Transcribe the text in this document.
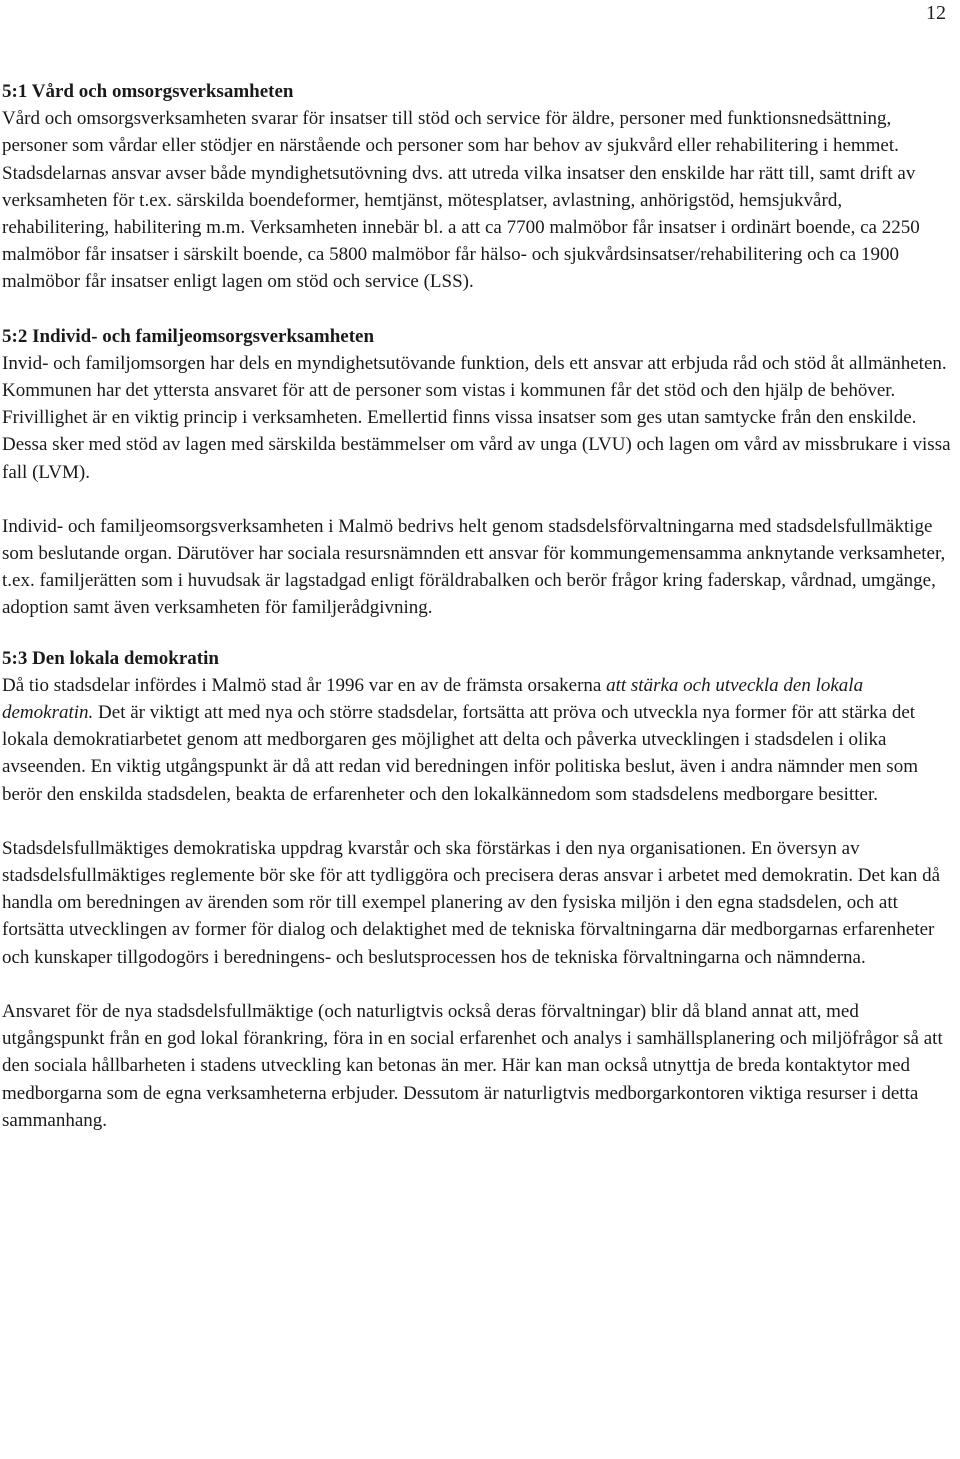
12
5:1 Vård och omsorgsverksamheten

Vård och omsorgsverksamheten svarar för insatser till stöd och service för äldre, personer med funktionsnedsättning, personer som vårdar eller stödjer en närstående och personer som har behov av sjukvård eller rehabilitering i hemmet. Stadsdelarnas ansvar avser både myndighetsutövning dvs. att utreda vilka insatser den enskilde har rätt till, samt drift av verksamheten för t.ex. särskilda boendeformer, hemtjänst, mötesplatser, avlastning, anhörigstöd, hemsjukvård, rehabilitering, habilitering m.m. Verksamheten innebär bl. a att ca 7700 malmöbor får insatser i ordinärt boende, ca 2250 malmöbor får insatser i särskilt boende, ca 5800 malmöbor får hälso- och sjukvårdsinsatser/rehabilitering och ca 1900 malmöbor får insatser enligt lagen om stöd och service (LSS).

5:2 Individ- och familjeomsorgsverksamheten

Invid- och familjomsorgen har dels en myndighetsutövande funktion, dels ett ansvar att erbjuda råd och stöd åt allmänheten. Kommunen har det yttersta ansvaret för att de personer som vistas i kommunen får det stöd och den hjälp de behöver. Frivillighet är en viktig princip i verksamheten. Emellertid finns vissa insatser som ges utan samtycke från den enskilde. Dessa sker med stöd av lagen med särskilda bestämmelser om vård av unga (LVU) och lagen om vård av missbrukare i vissa fall (LVM).

Individ- och familjeomsorgsverksamheten i Malmö bedrivs helt genom stadsdelsförvaltningarna med stadsdelsfullmäktige som beslutande organ. Därutöver har sociala resursnämnden ett ansvar för kommungemensamma anknytande verksamheter, t.ex. familjerätten som i huvudsak är lagstadgad enligt föräldrabalken och berör frågor kring faderskap, vårdnad, umgänge, adoption samt även verksamheten för familjerådgivning.

5:3 Den lokala demokratin

Då tio stadsdelar infördes i Malmö stad år 1996 var en av de främsta orsakerna att stärka och utveckla den lokala demokratin. Det är viktigt att med nya och större stadsdelar, fortsätta att pröva och utveckla nya former för att stärka det lokala demokratiarbetet genom att medborgaren ges möjlighet att delta och påverka utvecklingen i stadsdelen i olika avseenden. En viktig utgångspunkt är då att redan vid beredningen inför politiska beslut, även i andra nämnder men som berör den enskilda stadsdelen, beakta de erfarenheter och den lokalkännedom som stadsdelens medborgare besitter.

Stadsdelsfullmäktiges demokratiska uppdrag kvarstår och ska förstärkas i den nya organisationen. En översyn av stadsdelsfullmäktiges reglemente bör ske för att tydliggöra och precisera deras ansvar i arbetet med demokratin. Det kan då handla om beredningen av ärenden som rör till exempel planering av den fysiska miljön i den egna stadsdelen, och att fortsätta utvecklingen av former för dialog och delaktighet med de tekniska förvaltningarna där medborgarnas erfarenheter och kunskaper tillgodogörs i beredningens- och beslutsprocessen hos de tekniska förvaltningarna och nämnderna.

Ansvaret för de nya stadsdelsfullmäktige (och naturligtvis också deras förvaltningar) blir då bland annat att, med utgångspunkt från en god lokal förankring, föra in en social erfarenhet och analys i samhällsplanering och miljöfrågor så att den sociala hållbarheten i stadens utveckling kan betonas än mer. Här kan man också utnyttja de breda kontaktytor med medborgarna som de egna verksamheterna erbjuder. Dessutom är naturligtvis medborgarkontoren viktiga resurser i detta sammanhang.
